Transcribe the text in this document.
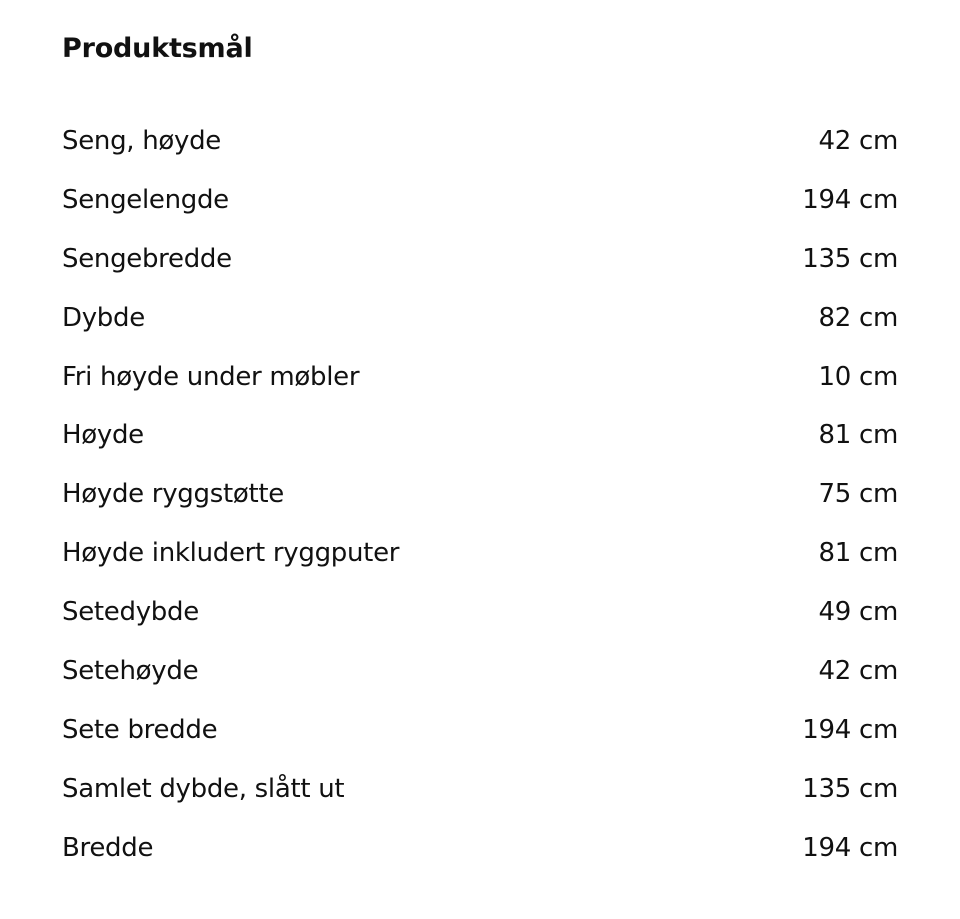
Produktsmål
Seng, høyde	42 cm
Sengelengde	194 cm
Sengebredde	135 cm
Dybde	82 cm
Fri høyde under møbler	10 cm
Høyde	81 cm
Høyde ryggstøtte	75 cm
Høyde inkludert ryggputer	81 cm
Setedybde	49 cm
Setehøyde	42 cm
Sete bredde	194 cm
Samlet dybde, slått ut	135 cm
Bredde	194 cm
